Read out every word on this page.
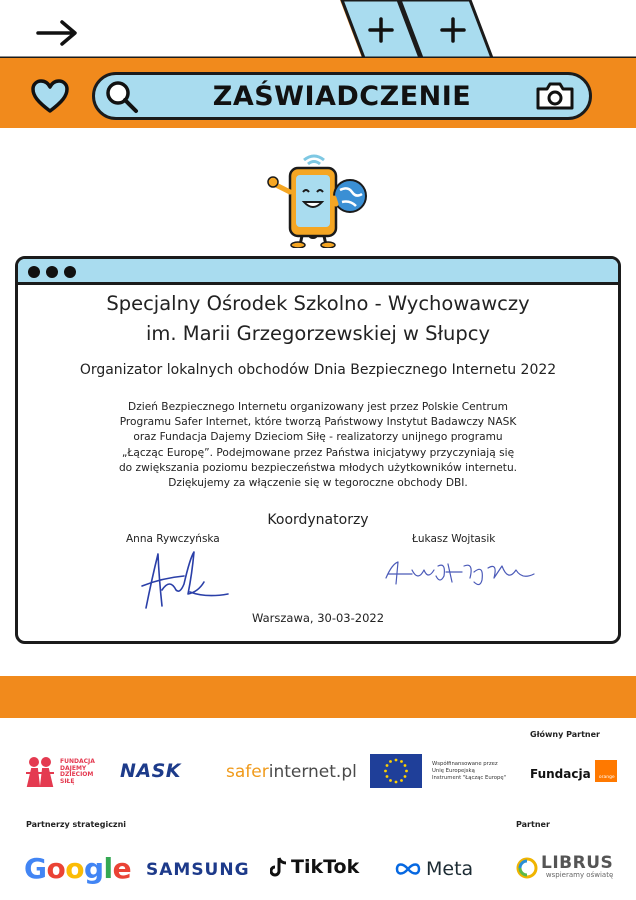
ZAŚWIADCZENIE
Specjalny Ośrodek Szkolno - Wychowawczy
im. Marii Grzegorzewskiej w Słupcy
Organizator lokalnych obchodów Dnia Bezpiecznego Internetu 2022
Dzień Bezpiecznego Internetu organizowany jest przez Polskie Centrum
Programu Safer Internet, które tworzą Państwowy Instytut Badawczy NASK
oraz Fundacja Dajemy Dzieciom Siłę - realizatorzy unijnego programu
„Łącząc Europę”. Podejmowane przez Państwa inicjatywy przyczyniają się
do zwiększania poziomu bezpieczeństwa młodych użytkowników internetu.
Dziękujemy za włączenie się w tegoroczne obchody DBI.
Koordynatorzy
Anna Rywczyńska	Łukasz Wojtasik
Warszawa, 30-03-2022
Główny Partner
FUNDACJA
DAJEMY
DZIECIOM
SIŁĘ	NASK	safer internet.pl	Współfinansowane przez
Unię Europejską
Instrument "Łącząc Europę" Fundacja	orange
Partnerzy strategiczni	Partner
G o o g l e SAMSUNG TikTok	Meta	LIBRUS
wspieramy oświatę
